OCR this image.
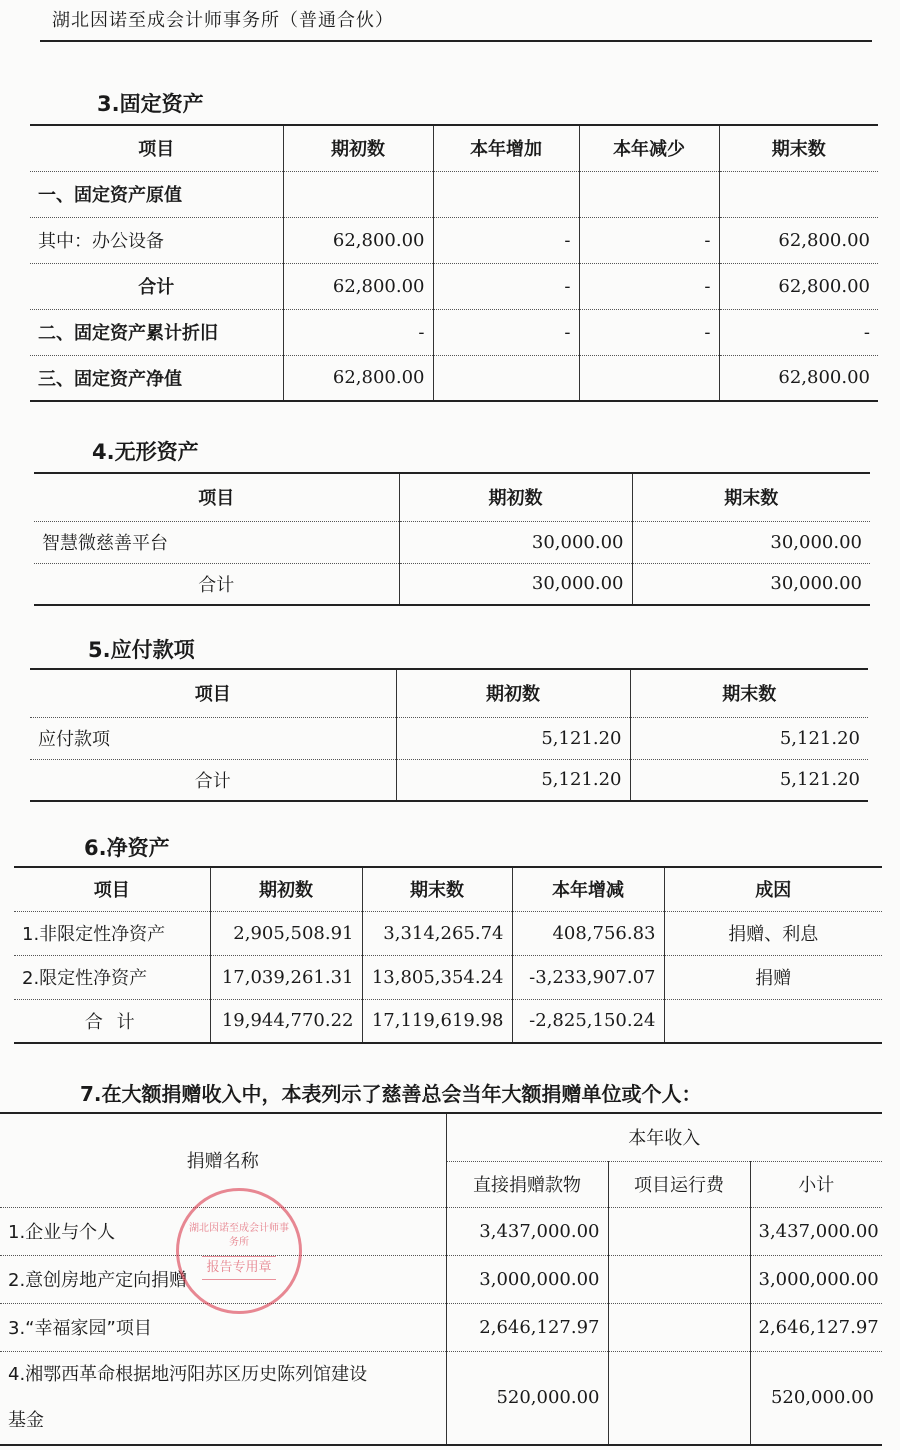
湖北因诺至成会计师事务所（普通合伙）
3.固定资产
项目	期初数	本年增加	本年减少	期末数
一、固定资产原值				
其中：办公设备	62,800.00	-	-	62,800.00
合计	62,800.00	-	-	62,800.00
二、固定资产累计折旧	-	-	-	-
三、固定资产净值	62,800.00			62,800.00
4.无形资产
项目	期初数	期末数
智慧微慈善平台	30,000.00	30,000.00
合计	30,000.00	30,000.00
5.应付款项
项目	期初数	期末数
应付款项	5,121.20	5,121.20
合计	5,121.20	5,121.20
6.净资产
项目	期初数	期末数	本年增减	成因
1.非限定性净资产	2,905,508.91	3,314,265.74	408,756.83	捐赠、利息
2.限定性净资产	17,039,261.31	13,805,354.24	-3,233,907.07	捐赠
合 计	19,944,770.22	17,119,619.98	-2,825,150.24	
7.在大额捐赠收入中，本表列示了慈善总会当年大额捐赠单位或个人：
捐赠名称	本年收入		
	直接捐赠款物	项目运行费	小计
1.企业与个人	3,437,000.00		3,437,000.00
2.意创房地产定向捐赠	3,000,000.00		3,000,000.00
3.“幸福家园”项目	2,646,127.97		2,646,127.97
4.湘鄂西革命根据地沔阳苏区历史陈列馆建设
基金	520,000.00		520,000.00
湖北因诺至成会计师事务所
报告专用章
